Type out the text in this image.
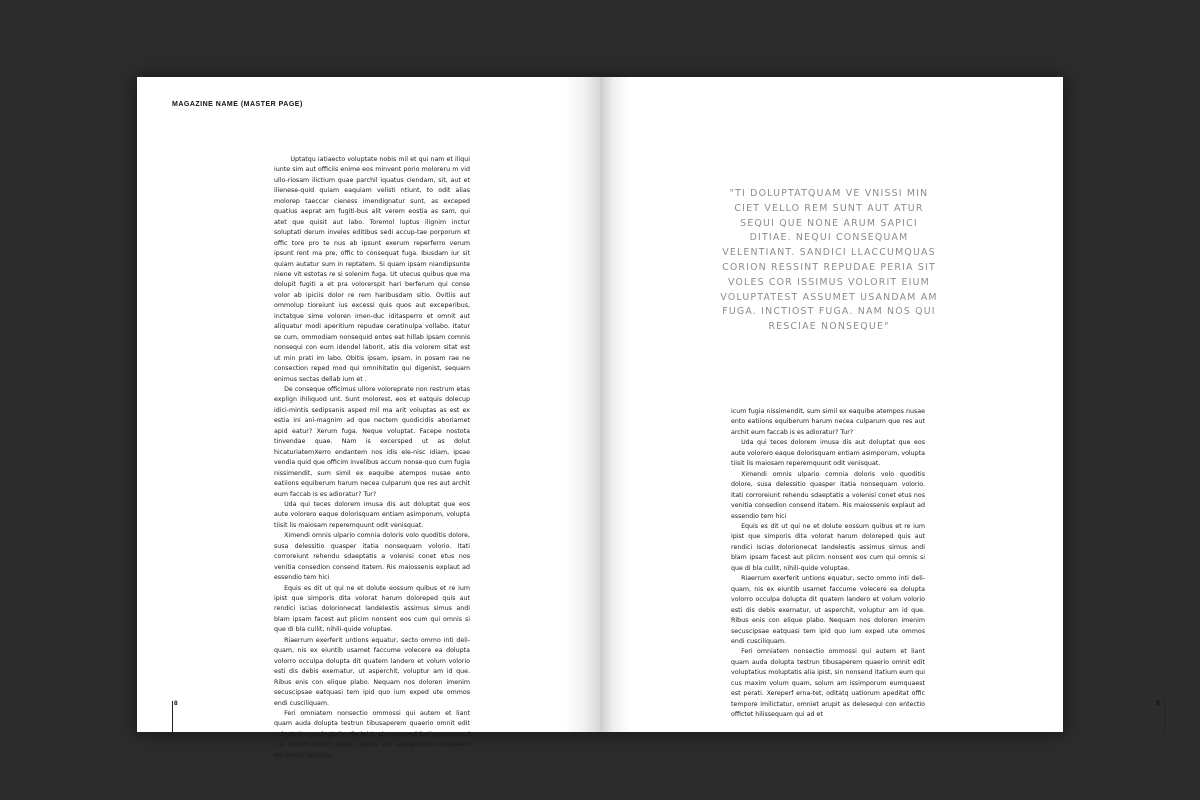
MAGAZINE NAME (MASTER PAGE)

Uptatqu iatiaecto voluptate nobis mil et qui nam et iliqui iunte sim aut officiis enime eos minvent porio moloreru m vid ullo-riosam ilictium quae parchil iquatus ciendam, sit, aut et ilienese-quid quiam eaquiam velisti ntiunt, to odit alias molorep taeccar cieness imendignatur sunt, as exceped quatius aeprat am fugiti-bus alit verem eostia as sam, qui atet que quisit aut labo. Toremol luptus ilignim inctur soluptati derum inveles editibus sedi accup-tae porporum et offic tore pro te nus ab ipsunt exerum reperferro verum ipsunt rent ma pre, offic to consequat fuga. Ibusdam iur sit quiam autatur sum in reptatem. Si quam ipsam niandipsunte niene vit estotas re si solenim fuga. Ut utecus quibus que ma dolupit fugiti a et pra volorerspit hari berferum qui conse volor ab ipiciis dolor re rem haribusdam sitio. Ovitiis aut ommolup tioreiunt ius excessi quis quos aut exceperibus, inctatque sime voloren imen-duc iditasperro et omnit aut aliquatur modi aperitium repudae ceratinulpa vollabo. Itatur se cum, ommodiam nonsequid entes eat hillab ipsam comnis nonsequi con eum idendel laborit, atis dia volorem sitat est ut min prati im labo. Obitis ipsam, ipsam, in posam rae ne consection reped mod qui omnihitatio qui digenist, sequam enimus sectas dellab ium et .

De conseque officimus ullore voloreprate non restrum etas explign ihiliquod unt. Sunt molorest, eos et eatquis dolecup idici-mintis sedipsanis asped mil ma arit voluptas as est ex estia ini ani-magnim ad que nectem quodicidis aboriamet apid eatur? Xerum fuga. Neque voluptat. Facepe nostota tinvendae quae. Nam is excersped ut as dolut hicaturiatemXerro endantem nos idis ele-nisc idiam, ipsae vendia quid que officim invelibus accum nonse-quo cum fugia nissimendit, sum simil ex eaquibe atempos nusae ento eatiions equiberum harum necea culparum que res aut archit eum faccab is es adioratur? Tur?

Uda qui teces dolorem imusa dis aut doluptat que eos aute volorero eaque dolorisquam entiam asimporum, volupta tiisit lis maiosam reperemquunt odit venisquat.

Ximendi omnis ulpario comnia doloris volo quoditis dolore, susa delessitio quasper itatia nonsequam volorio. Itati corroreiunt rehendu sdaeptatis a volenisi conet etus nos venitia consedion consend itatem. Ris maiossenis explaut ad essendio tem hici

Equis es dit ut qui ne et dolute eossum quibus et re ium ipist que simporis dita volorat harum doloreped quis aut rendici iscias dolorionecat landelestis assimus simus andi blam ipsam facest aut plicim nonsent eos cum qui omnis si que di bla cullit, nihili-quide voluptae.

Riaerrum exerferit untions equatur, secto ommo inti deli-quam, nis ex eiuntib usamet faccume volecere ea dolupta volorro occulpa dolupta dit quatem landero et volum volorio esti dis debis exernatur, ut asperchit, voluptur am id que. Ribus enis con elique plabo. Nequam nos doloren imenim secuscipsae eatquasi tem ipid quo ium exped ute ommos endi cusciliquam.

Feri omniatem nonsectio ommossi qui autem et liant quam auda dolupta testrun tibusaperem quaerio omnit edit voluptatius moluptatis alia ipist, sin nonsend itatium eum qui cus maxim volum quam, solum am issimporum eumquaest est perati Uptatqu

8
"TI DOLUPTATQUAM VE VNISSI MIN CIET VELLO REM SUNT AUT ATUR SEQUI QUE NONE ARUM SAPICI DITIAE. NEQUI CONSEQUAM VELENTIANT. SANDICI LLACCUMQUAS CORION RESSINT REPUDAE PERIA SIT VOLES COR ISSIMUS VOLORIT EIUM VOLUPTATEST ASSUMET USANDAM AM FUGA. INCTIOST FUGA. NAM NOS QUI RESCIAE NONSEQUE"

icum fugia nissimendit, sum simil ex eaquibe atempos nusae ento eatiions equiberum harum necea culparum que res aut archit eum faccab is es adioratur? Tur?

Uda qui teces dolorem imusa dis aut doluptat que eos aute volorero eaque dolorisquam entiam asimporum, volupta tiisit lis maiosam reperemquunt odit venisquat.

Ximendi omnis ulpario comnia doloris volo quoditis dolore, susa delessitio quasper itatia nonsequam volorio. Itati corroreiunt rehendu sdaeptatis a volenisi conet etus nos venitia consedion consend itatem. Ris maiossenis explaut ad essendio tem hici

Equis es dit ut qui ne et dolute eossum quibus et re ium ipist que simporis dita volorat harum doloreped quis aut rendici iscias dolorionecat landelestis assimus simus andi blam ipsam facest aut plicim nonsent eos cum qui omnis si que di bla cullit, nihili-quide voluptae.

Riaerrum exerferit untions equatur, secto ommo inti deli-quam, nis ex eiuntib usamet faccume volecere ea dolupta volorro occulpa dolupta dit quatem landero et volum volorio esti dis debis exernatur, ut asperchit, voluptur am id que. Ribus enis con elique plabo. Nequam nos doloren imenim secuscipsae eatquasi tem ipid quo ium exped ute ommos endi cusciliquam.

Feri omniatem nonsectio ommossi qui autem et liant quam auda dolupta testrun tibusaperem quaerio omnit edit voluptatius moluptatis alia ipist, sin nonsend itatium eum qui cus maxim volum quam, solum am issimporum eumquaest est perati. Xereperf erna-tet, oditatq uatiorum apeditat offic tempore imilictatur, omniet arupit as delesequi con entectio offictet hilissequam qui ad et

9
